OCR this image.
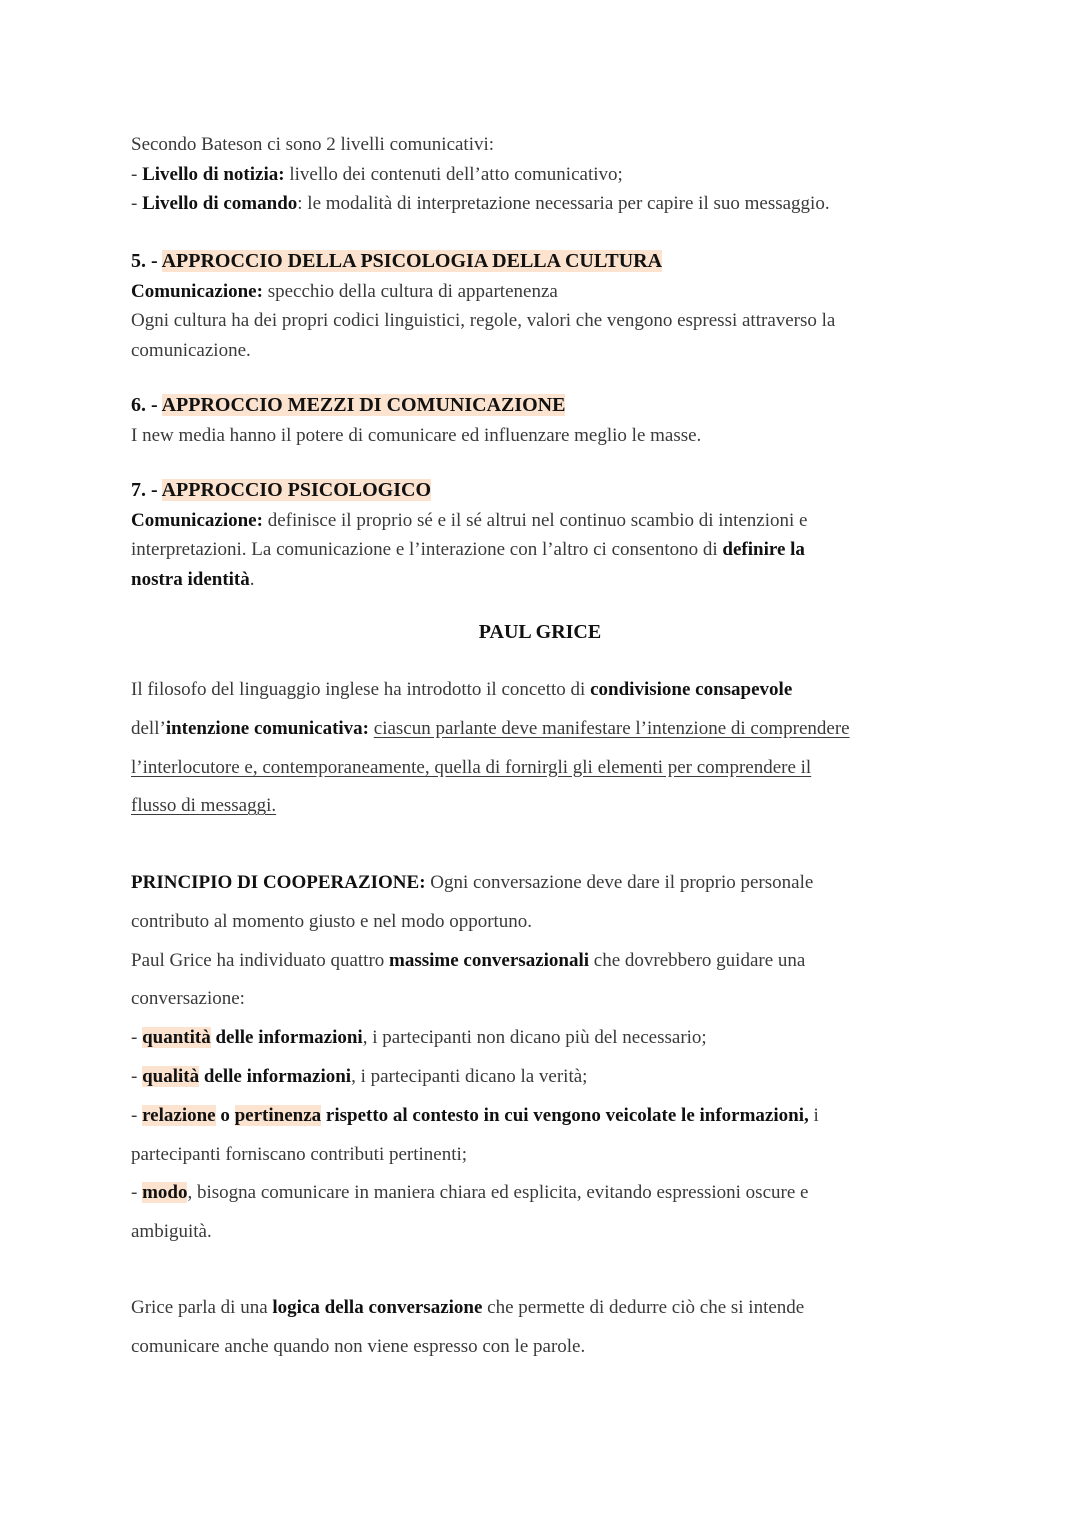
Secondo Bateson ci sono 2 livelli comunicativi:
- Livello di notizia: livello dei contenuti dell’atto comunicativo;
- Livello di comando: le modalità di interpretazione necessaria per capire il suo messaggio.
5. - APPROCCIO DELLA PSICOLOGIA DELLA CULTURA
Comunicazione: specchio della cultura di appartenenza
Ogni cultura ha dei propri codici linguistici, regole, valori che vengono espressi attraverso la
comunicazione.
6. - APPROCCIO MEZZI DI COMUNICAZIONE
I new media hanno il potere di comunicare ed influenzare meglio le masse.
7. - APPROCCIO PSICOLOGICO
Comunicazione: definisce il proprio sé e il sé altrui nel continuo scambio di intenzioni e
interpretazioni. La comunicazione e l’interazione con l’altro ci consentono di definire la
nostra identità.
PAUL GRICE
Il filosofo del linguaggio inglese ha introdotto il concetto di condivisione consapevole
dell’intenzione comunicativa: ciascun parlante deve manifestare l’intenzione di comprendere
l’interlocutore e, contemporaneamente, quella di fornirgli gli elementi per comprendere il
flusso di messaggi.
PRINCIPIO DI COOPERAZIONE: Ogni conversazione deve dare il proprio personale
contributo al momento giusto e nel modo opportuno.
Paul Grice ha individuato quattro massime conversazionali che dovrebbero guidare una
conversazione:
- quantità delle informazioni, i partecipanti non dicano più del necessario;
- qualità delle informazioni, i partecipanti dicano la verità;
- relazione o pertinenza rispetto al contesto in cui vengono veicolate le informazioni, i
partecipanti forniscano contributi pertinenti;
- modo, bisogna comunicare in maniera chiara ed esplicita, evitando espressioni oscure e
ambiguità.
Grice parla di una logica della conversazione che permette di dedurre ciò che si intende
comunicare anche quando non viene espresso con le parole.
